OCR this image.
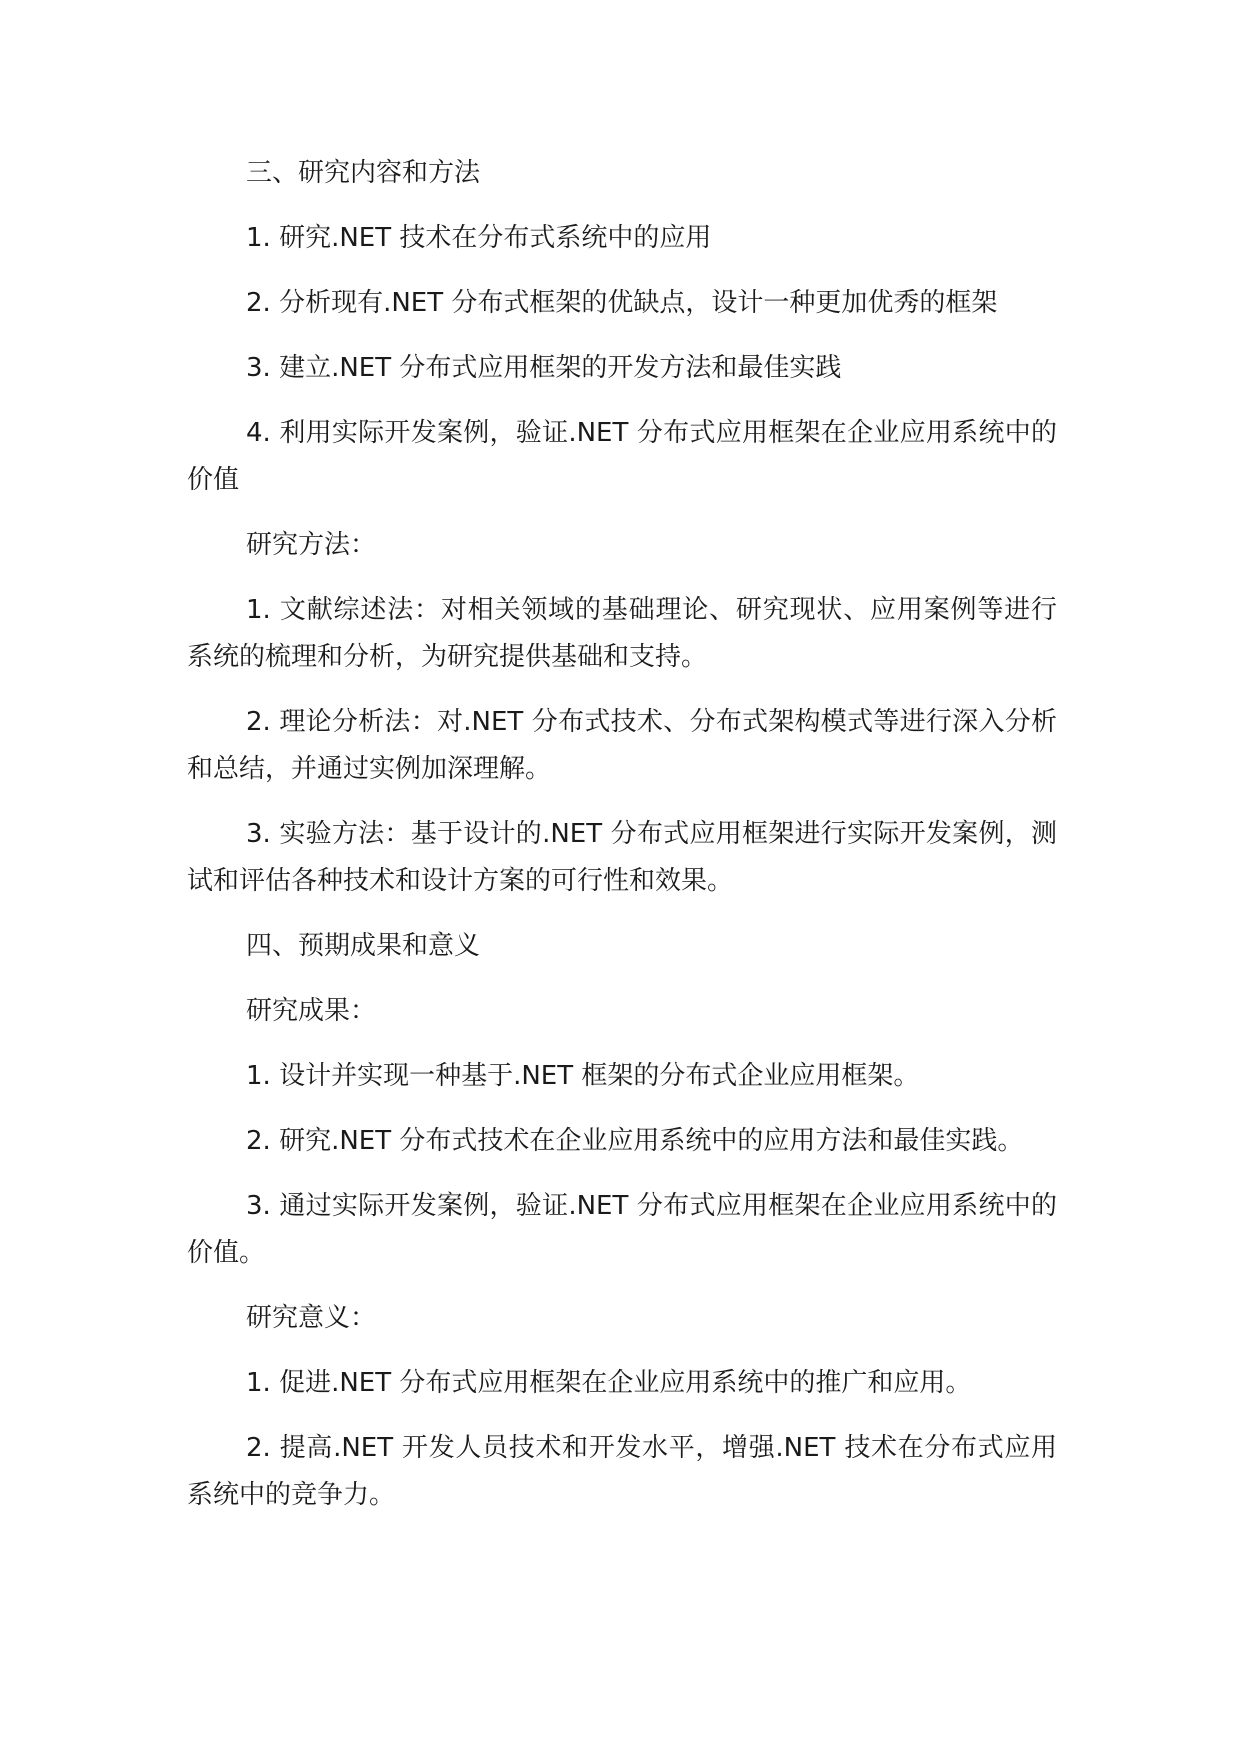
三、研究内容和方法

1. 研究.NET 技术在分布式系统中的应用

2. 分析现有.NET 分布式框架的优缺点，设计一种更加优秀的框架

3. 建立.NET 分布式应用框架的开发方法和最佳实践

4. 利用实际开发案例，验证.NET 分布式应用框架在企业应用系统中的价值

研究方法：

1. 文献综述法：对相关领域的基础理论、研究现状、应用案例等进行系统的梳理和分析，为研究提供基础和支持。

2. 理论分析法：对.NET 分布式技术、分布式架构模式等进行深入分析和总结，并通过实例加深理解。

3. 实验方法：基于设计的.NET 分布式应用框架进行实际开发案例，测试和评估各种技术和设计方案的可行性和效果。

四、预期成果和意义

研究成果：

1. 设计并实现一种基于.NET 框架的分布式企业应用框架。

2. 研究.NET 分布式技术在企业应用系统中的应用方法和最佳实践。

3. 通过实际开发案例，验证.NET 分布式应用框架在企业应用系统中的价值。

研究意义：

1. 促进.NET 分布式应用框架在企业应用系统中的推广和应用。

2. 提高.NET 开发人员技术和开发水平，增强.NET 技术在分布式应用系统中的竞争力。
